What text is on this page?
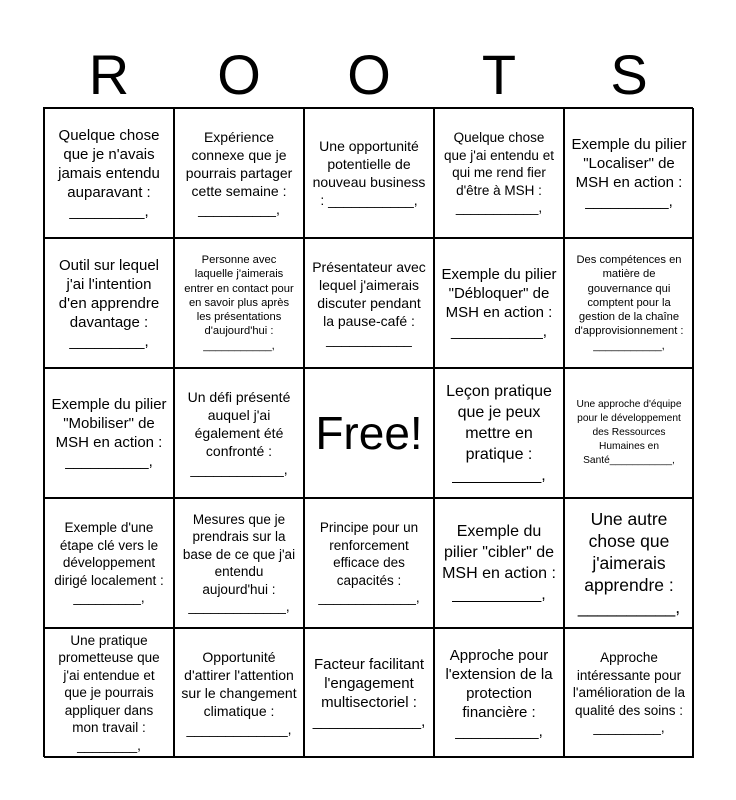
R	O	O	T	S
Quelque chose que je n'avais jamais entendu auparavant : _________,
Expérience connexe que je pourrais partager cette semaine : __________,
Une opportunité potentielle de nouveau business : ___________,
Quelque chose que j'ai entendu et qui me rend fier d'être à MSH : ___________,
Exemple du pilier "Localiser" de MSH en action : __________,
Outil sur lequel j'ai l'intention d'en apprendre davantage : _________,
Personne avec laquelle j'aimerais entrer en contact pour en savoir plus après les présentations d'aujourd'hui : ___________,
Présentateur avec lequel j'aimerais discuter pendant la pause-café : ___________
Exemple du pilier "Débloquer" de MSH en action : ___________,
Des compétences en matière de gouvernance qui comptent pour la gestion de la chaîne d'approvisionnement : ___________,
Exemple du pilier "Mobiliser" de MSH en action : __________,
Un défi présenté auquel j'ai également été confronté : ____________,
Free!
Leçon pratique que je peux mettre en pratique : __________,
Une approche d'équipe pour le développement des Ressources Humaines en Santé___________,
Exemple d'une étape clé vers le développement dirigé localement : _________,
Mesures que je prendrais sur la base de ce que j'ai entendu aujourd'hui : _____________,
Principe pour un renforcement efficace des capacités : _____________,
Exemple du pilier "cibler" de MSH en action : __________,
Une autre chose que j'aimerais apprendre : __________,
Une pratique prometteuse que j'ai entendue et que je pourrais appliquer dans mon travail : ________,
Opportunité d'attirer l'attention sur le changement climatique : _____________,
Facteur facilitant l'engagement multisectoriel : _____________,
Approche pour l'extension de la protection financière : __________,
Approche intéressante pour l'amélioration de la qualité des soins : _________,
